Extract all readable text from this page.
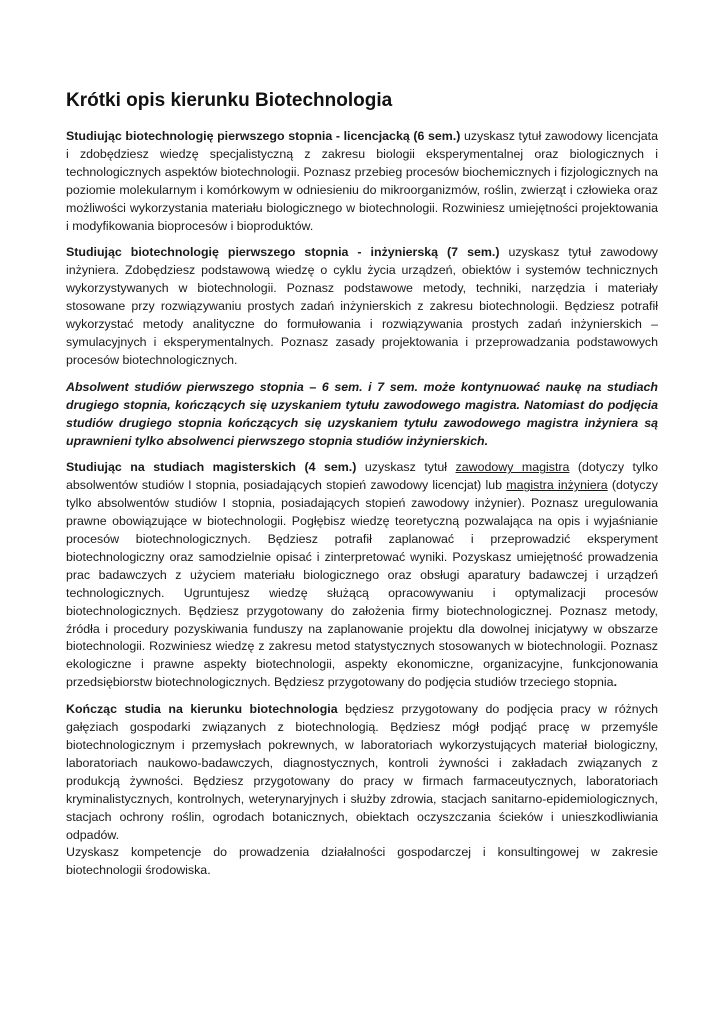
Krótki opis kierunku Biotechnologia

Studiując biotechnologię pierwszego stopnia - licencjacką (6 sem.) uzyskasz tytuł zawodowy licencjata i zdobędziesz wiedzę specjalistyczną z zakresu biologii eksperymentalnej oraz biologicznych i technologicznych aspektów biotechnologii. Poznasz przebieg procesów biochemicznych i fizjologicznych na poziomie molekularnym i komórkowym w odniesieniu do mikroorganizmów, roślin, zwierząt i człowieka oraz możliwości wykorzystania materiału biologicznego w biotechnologii. Rozwiniesz umiejętności projektowania i modyfikowania bioprocesów i bioproduktów.

Studiując biotechnologię pierwszego stopnia - inżynierską (7 sem.) uzyskasz tytuł zawodowy inżyniera. Zdobędziesz podstawową wiedzę o cyklu życia urządzeń, obiektów i systemów technicznych wykorzystywanych w biotechnologii. Poznasz podstawowe metody, techniki, narzędzia i materiały stosowane przy rozwiązywaniu prostych zadań inżynierskich z zakresu biotechnologii. Będziesz potrafił wykorzystać metody analityczne do formułowania i rozwiązywania prostych zadań inżynierskich – symulacyjnych i eksperymentalnych. Poznasz zasady projektowania i przeprowadzania podstawowych procesów biotechnologicznych.

Absolwent studiów pierwszego stopnia – 6 sem. i 7 sem. może kontynuować naukę na studiach drugiego stopnia, kończących się uzyskaniem tytułu zawodowego magistra. Natomiast do podjęcia studiów drugiego stopnia kończących się uzyskaniem tytułu zawodowego magistra inżyniera są uprawnieni tylko absolwenci pierwszego stopnia studiów inżynierskich.

Studiując na studiach magisterskich (4 sem.) uzyskasz tytuł zawodowy magistra (dotyczy tylko absolwentów studiów I stopnia, posiadających stopień zawodowy licencjat) lub magistra inżyniera (dotyczy tylko absolwentów studiów I stopnia, posiadających stopień zawodowy inżynier). Poznasz uregulowania prawne obowiązujące w biotechnologii. Pogłębisz wiedzę teoretyczną pozwalająca na opis i wyjaśnianie procesów biotechnologicznych. Będziesz potrafił zaplanować i przeprowadzić eksperyment biotechnologiczny oraz samodzielnie opisać i zinterpretować wyniki. Pozyskasz umiejętność prowadzenia prac badawczych z użyciem materiału biologicznego oraz obsługi aparatury badawczej i urządzeń technologicznych. Ugruntujesz wiedzę służącą opracowywaniu i optymalizacji procesów biotechnologicznych. Będziesz przygotowany do założenia firmy biotechnologicznej. Poznasz metody, źródła i procedury pozyskiwania funduszy na zaplanowanie projektu dla dowolnej inicjatywy w obszarze biotechnologii. Rozwiniesz wiedzę z zakresu metod statystycznych stosowanych w biotechnologii. Poznasz ekologiczne i prawne aspekty biotechnologii, aspekty ekonomiczne, organizacyjne, funkcjonowania przedsiębiorstw biotechnologicznych. Będziesz przygotowany do podjęcia studiów trzeciego stopnia.

Kończąc studia na kierunku biotechnologia będziesz przygotowany do podjęcia pracy w różnych gałęziach gospodarki związanych z biotechnologią. Będziesz mógł podjąć pracę w przemyśle biotechnologicznym i przemysłach pokrewnych, w laboratoriach wykorzystujących materiał biologiczny, laboratoriach naukowo-badawczych, diagnostycznych, kontroli żywności i zakładach związanych z produkcją żywności. Będziesz przygotowany do pracy w firmach farmaceutycznych, laboratoriach kryminalistycznych, kontrolnych, weterynaryjnych i służby zdrowia, stacjach sanitarno-epidemiologicznych, stacjach ochrony roślin, ogrodach botanicznych, obiektach oczyszczania ścieków i unieszkodliwiania odpadów.

Uzyskasz kompetencje do prowadzenia działalności gospodarczej i konsultingowej w zakresie biotechnologii środowiska.
